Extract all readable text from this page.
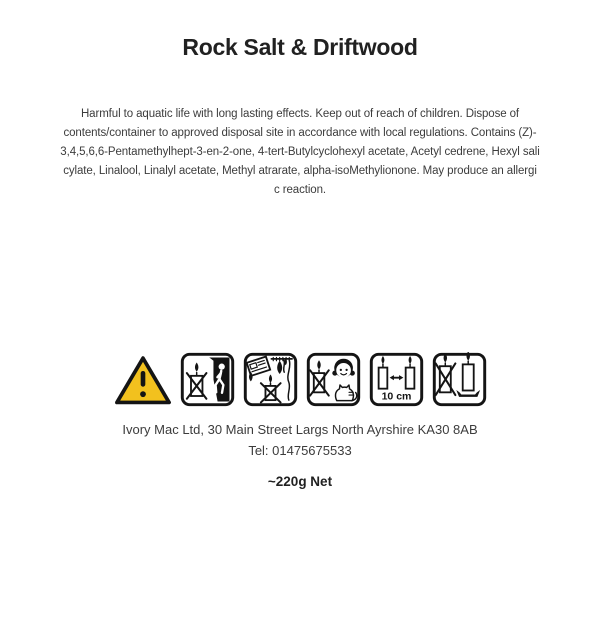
Rock Salt & Driftwood
Harmful to aquatic life with long lasting effects. Keep out of reach of children. Dispose of
contents/container to approved disposal site in accordance with local regulations. Contains (Z)-
3,4,5,6,6-Pentamethylhept-3-en-2-one, 4-tert-Butylcyclohexyl acetate, Acetyl cedrene, Hexyl sali
cylate, Linalool, Linalyl acetate, Methyl atrarate, alpha-isoMethylionone. May produce an allergi
c reaction.
10 cm
Ivory Mac Ltd, 30 Main Street Largs North Ayrshire KA30 8AB
Tel: 01475675533
~220g Net
